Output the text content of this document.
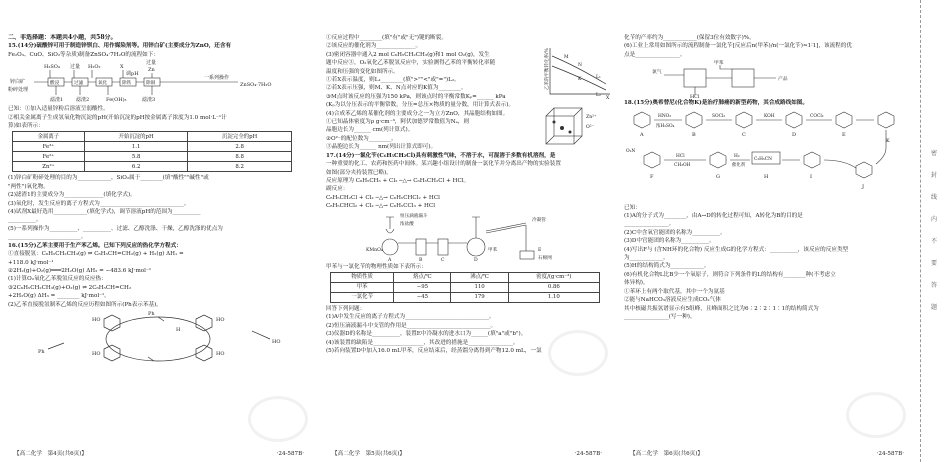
二、非选择题：本题共4小题，共58分。
15.(14分)硫酸锌可用于制造锌钡白、用作媒染剂等。用锌白矿(主要成分为ZnO，还含有
Fe₂O₃、CuO、SiO₂等杂质)制备ZnSO₄·7H₂O的流程如下：
锌白矿
粉碎处理
H₂SO₄ 过量 H₂O₂	X
过量
Zn
调pH
滤渣1	滤渣2	Fe(OH)₃	滤渣3
一系列操作
ZnSO₄·7H₂O
酸浸	过滤	氧化	除铁	除铜
已知：①加入适量锌粉后溶液呈弱酸性。
②相关金属离子生成氢氧化物沉淀的pH(开始沉淀的pH按金属离子浓度为1.0 mol·L⁻¹计
算)如表所示：
金属离子	开始沉淀的pH	沉淀完全的pH
Fe³⁺	1.1	2.8
Fe²⁺	5.8	8.8
Zn²⁺	6.2	8.2
(1)锌白矿粉碎处理的目的为____________，SiO₂属于________(填"酸性""碱性"或
"两性")氧化物。
(2)滤渣1的主要成分为______________(填化学式)。
(3)氧化时，发生反应的离子方程式为______________________________。
(4)试剂X最好选用____________(填化学式)，调节溶液pH的范围为__________
__________。
(5)一系列操作为__________、__________、过滤、乙醇洗涤、干燥，乙醇洗涤的优点为
__________________________。
16.(15分)乙苯主要用于生产苯乙烯。已知下列反应的热化学方程式：
①直接脱氢：C₆H₅CH₂CH₃(g) ⇌ C₆H₅CH=CH₂(g) + H₂(g) ΔH₁ =
+118.0 kJ·mol⁻¹
②2H₂(g)+O₂(g)═══2H₂O(g) ΔH₂ = −483.6 kJ·mol⁻¹
(1)计算O₂氧化乙苯脱氢反应的反应热：
③2C₆H₅CH₂CH₃(g)+O₂(g) ⇌ 2C₆H₅CH=CH₂
+2H₂O(g) ΔH₃ = ________ kJ·mol⁻¹。
(2)乙苯直接脱氢制苯乙烯的反应历程如图所示(Ph表示苯基)。
HO
Ph
HO
H
HO	HO
Ph
HO
【高二化学　第4页(共6页)】	·24-587B·
①反应过程中________(填"有"或"无")键的断裂。
②该反应的催化剂为______________。
(3)密闭容器中通入2 mol C₆H₅CH₂CH₃(g)和1 mol O₂(g)，发生
题中反应③，O₂氧化乙苯脱氢反应中，实验测得乙苯的平衡转化率随
温度和压强的变化如图所示。
①若X表示温度，则L₁________(填">""<"或"=")L₂。
②若X表示压强，则M、K、N点对应的K值为________。
③M点时该反应的压强为150 kPa，则该点时的平衡常数Kₚ=______ kPa
(Kₚ为以分压表示的平衡常数，分压=总压×物质的量分数，用计算式表示)。
(4)合成苯乙烯的某催化剂的主要成分之一为立方ZnO，其晶胞结构如图。
①已知晶体密度为ρ g·cm⁻³，阿伏加德罗常数值为Nₐ，则
晶胞边长为______ cm(列计算式)。
②O²⁻的配位数为________。
③晶胞边长为______ nm(列出计算式即可)。
乙苯的平衡转化率/%
X
L₁
L₂
M
N
K
Zn²⁺
O²⁻
17.(14分)一氯化苄(C₆H₅CH₂Cl)具有刺激性气味，不溶于水，可混溶于多数有机溶剂，是
一种重要的化工、农药和医药中间体。某兴趣小组设计的制备一氯化苄并分离出产物的实验装置
如图(部分夹持装置已略)。
反应原理为 C₆H₅CH₃ + Cl₂ ─△→ C₆H₅CH₂Cl + HCl。
副反应：
C₆H₅CH₂Cl + Cl₂ ─△→ C₆H₅CHCl₂ + HCl
C₆H₅CHCl₂ + Cl₂ ─△→ C₆H₅CCl₃ + HCl
恒压滴液漏斗
浓盐酸
KMnO₄
A	B	C	D
E
甲苯
冷凝管
石棉网
甲苯与一氯化苄的物理性质如下表所示：
物质性质	熔点/℃	沸点/℃	密度/(g·cm⁻³)
甲苯	−95	110	0.86
一氯化苄	−45	179	1.10
回答下列问题：
(1)A中发生反应的离子方程式为______________________________。
(2)恒压滴液漏斗中支管的作用是______________________________。
(3)仪器D的名称是__________，装置E中冷凝水的进水口为______(填"a"或"b")。
(4)该装置的缺陷是__________________，其改进的措施是________________。
(5)若向装置D中加入16.0 mL甲苯，反应结束后，经蒸馏分离得到产物12.0 mL，一氯
【高二化学　第5页(共6页)】	·24-587B·
化苄的产率约为____________(保留3位有效数字)%。
(6)工业上常用如图所示的流程制备一氯化苄[反应后n(甲苯)/n(一氯化苄)≈1∶1]，该流程的优
点是________________。
氯气
甲苯
产品
HCl
18.(15分)奥希替尼(化合物K)是治疗肺癌的新型药物，其合成路线如图。
A	B	C	D	E
F	G	H	I
J
K
HNO₃
浓H₂SO₄
SOCl₂	KOH	COCl₂
HCl
CH₃OH
H₂
催化剂
C₂H₅CN
O₂N
已知：
(1)A的分子式为________，由A→D的转化过程可知，A转化为B的目的是
________________。
(2)C中含氧官能团的名称为__________。
(3)D中官能团的名称为__________。
(4)写出F与 (含NH环的化合物) 反应生成G的化学方程式：__________，该反应的反应类型
为____________。
(5)H的结构简式为____________。
(6)有机化合物L比B少一个氧原子，则符合下列条件的L的结构有________种(不考虑立
体异构)。
①苯环上有两个取代基，其中一个为氨基
②能与NaHCO₃溶液反应生成CO₂气体
其中核磁共振氢谱显示有5组峰，且峰面积之比为6∶2∶2∶1∶1的结构简式为
________________(写一种)。
【高二化学　第6页(共6页)】	·24-587B·
密
封
线
内
不
要
答
题
